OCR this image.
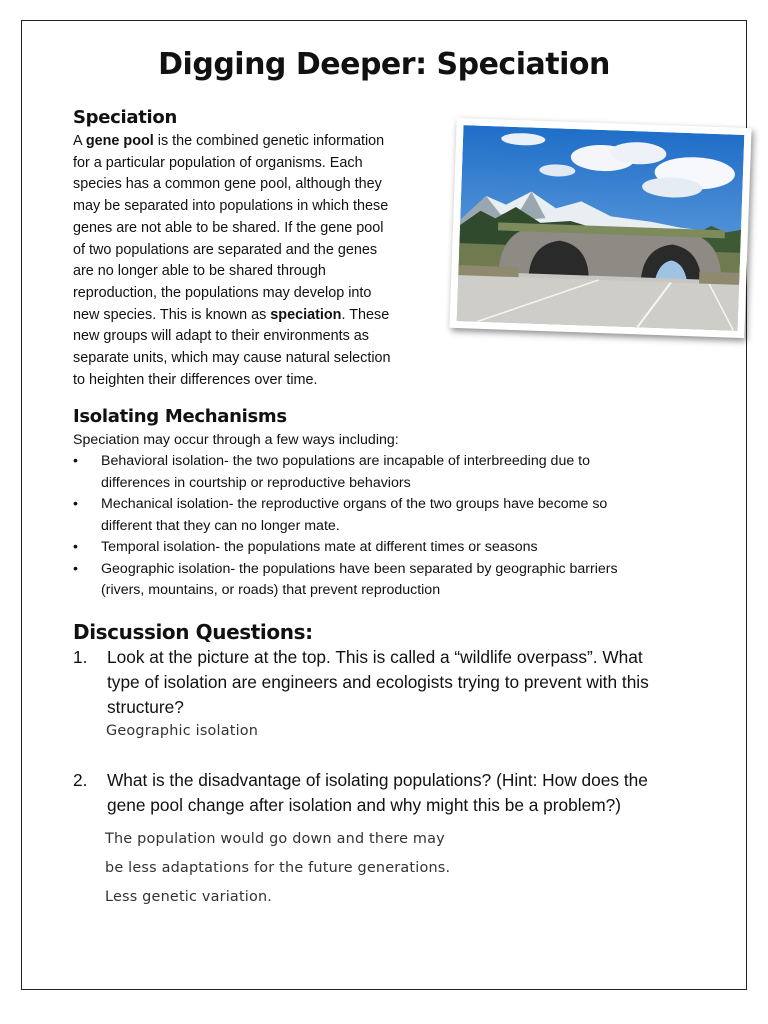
Digging Deeper: Speciation
Speciation
A gene pool is the combined genetic information
for a particular population of organisms. Each
species has a common gene pool, although they
may be separated into populations in which these
genes are not able to be shared. If the gene pool
of two populations are separated and the genes
are no longer able to be shared through
reproduction, the populations may develop into
new species. This is known as speciation. These
new groups will adapt to their environments as
separate units, which may cause natural selection
to heighten their differences over time.
Isolating Mechanisms
Speciation may occur through a few ways including:
• Behavioral isolation- the two populations are incapable of interbreeding due to
differences in courtship or reproductive behaviors
• Mechanical isolation- the reproductive organs of the two groups have become so
different that they can no longer mate.
• Temporal isolation- the populations mate at different times or seasons
• Geographic isolation- the populations have been separated by geographic barriers
(rivers, mountains, or roads) that prevent reproduction
Discussion Questions:
1. Look at the picture at the top. This is called a “wildlife overpass”. What
type of isolation are engineers and ecologists trying to prevent with this
structure?
Geographic isolation
2. What is the disadvantage of isolating populations? (Hint: How does the
gene pool change after isolation and why might this be a problem?)
The population would go down and there may
be less adaptations for the future generations.
Less genetic variation.
